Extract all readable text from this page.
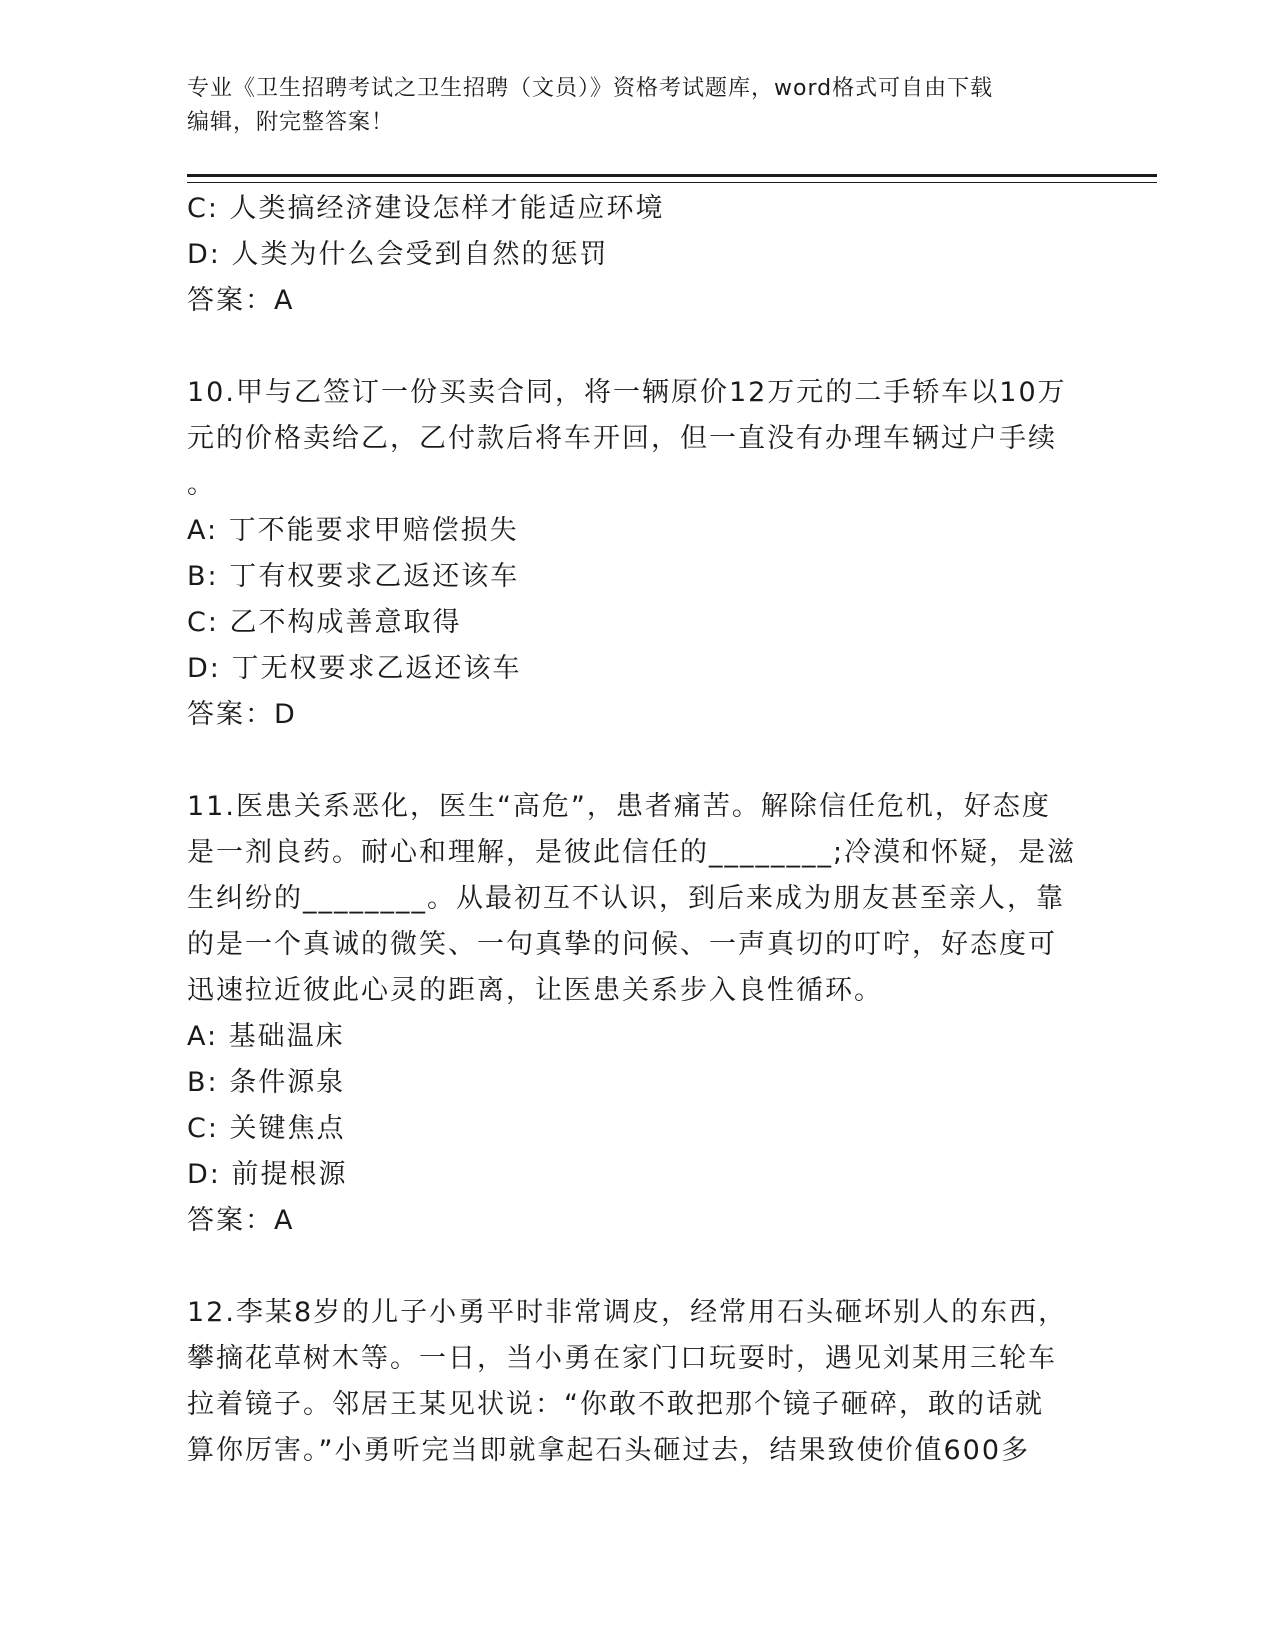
专业《卫生招聘考试之卫生招聘（文员）》资格考试题库，word格式可自由下载
编辑，附完整答案！
C: 人类搞经济建设怎样才能适应环境
D: 人类为什么会受到自然的惩罚
答案：A
10.甲与乙签订一份买卖合同，将一辆原价12万元的二手轿车以10万
元的价格卖给乙，乙付款后将车开回，但一直没有办理车辆过户手续
。
A: 丁不能要求甲赔偿损失
B: 丁有权要求乙返还该车
C: 乙不构成善意取得
D: 丁无权要求乙返还该车
答案：D
11.医患关系恶化，医生“高危”，患者痛苦。解除信任危机，好态度
是一剂良药。耐心和理解，是彼此信任的________;冷漠和怀疑，是滋
生纠纷的________。从最初互不认识，到后来成为朋友甚至亲人，靠
的是一个真诚的微笑、一句真挚的问候、一声真切的叮咛，好态度可
迅速拉近彼此心灵的距离，让医患关系步入良性循环。
A: 基础温床
B: 条件源泉
C: 关键焦点
D: 前提根源
答案：A
12.李某8岁的儿子小勇平时非常调皮，经常用石头砸坏别人的东西，
攀摘花草树木等。一日，当小勇在家门口玩耍时，遇见刘某用三轮车
拉着镜子。邻居王某见状说：“你敢不敢把那个镜子砸碎，敢的话就
算你厉害。”小勇听完当即就拿起石头砸过去，结果致使价值600多
